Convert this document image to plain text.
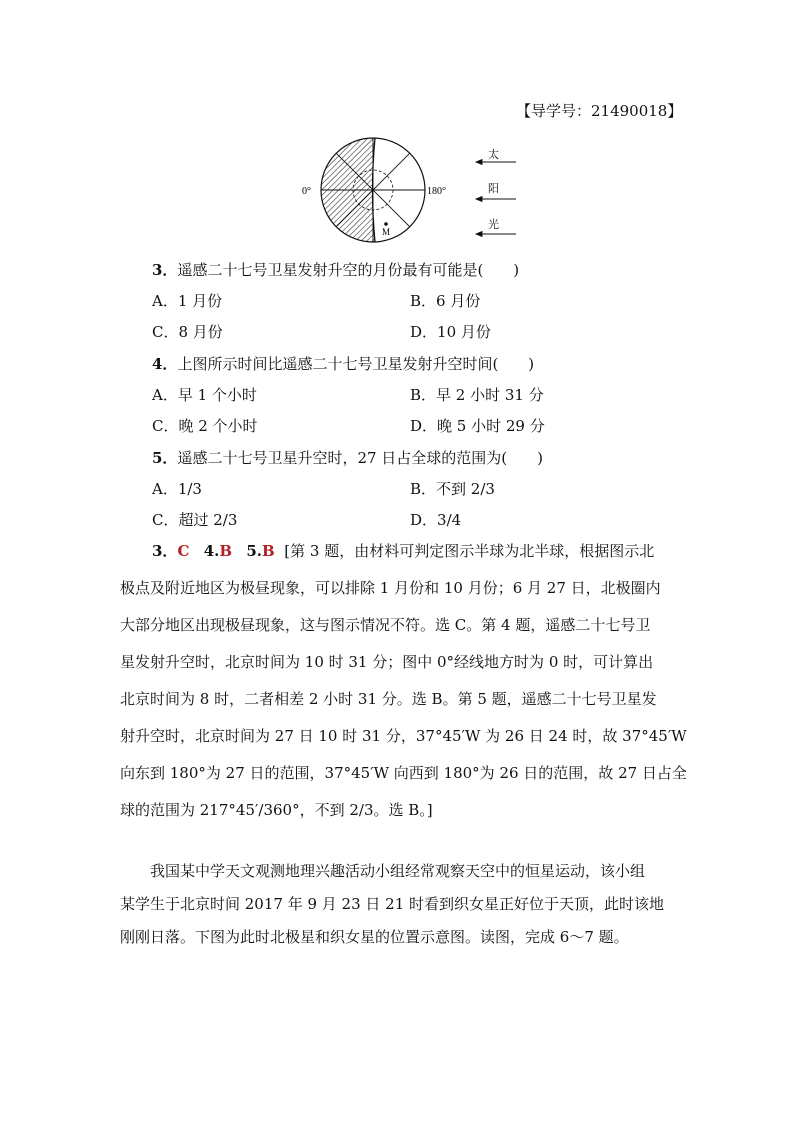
【导学号：21490018】
M
0°	180°
太
阳
光
3．遥感二十七号卫星发射升空的月份最有可能是(　　)
A．1 月份	B．6 月份
C．8 月份	D．10 月份
4．上图所示时间比遥感二十七号卫星发射升空时间(　　)
A．早 1 个小时	B．早 2 小时 31 分
C．晚 2 个小时	D．晚 5 小时 29 分
5．遥感二十七号卫星升空时，27 日占全球的范围为(　　)
A．1/3	B．不到 2/3
C．超过 2/3	D．3/4
3．C 4.B 5.B [第 3 题，由材料可判定图示半球为北半球，根据图示北
极点及附近地区为极昼现象，可以排除 1 月份和 10 月份；6 月 27 日，北极圈内
大部分地区出现极昼现象，这与图示情况不符。选 C。第 4 题，遥感二十七号卫
星发射升空时，北京时间为 10 时 31 分；图中 0°经线地方时为 0 时，可计算出
北京时间为 8 时，二者相差 2 小时 31 分。选 B。第 5 题，遥感二十七号卫星发
射升空时，北京时间为 27 日 10 时 31 分，37°45′W 为 26 日 24 时，故 37°45′W
向东到 180°为 27 日的范围，37°45′W 向西到 180°为 26 日的范围，故 27 日占全
球的范围为 217°45′/360°，不到 2/3。选 B。]
我国某中学天文观测地理兴趣活动小组经常观察天空中的恒星运动，该小组
某学生于北京时间 2017 年 9 月 23 日 21 时看到织女星正好位于天顶，此时该地
刚刚日落。下图为此时北极星和织女星的位置示意图。读图，完成 6～7 题。
